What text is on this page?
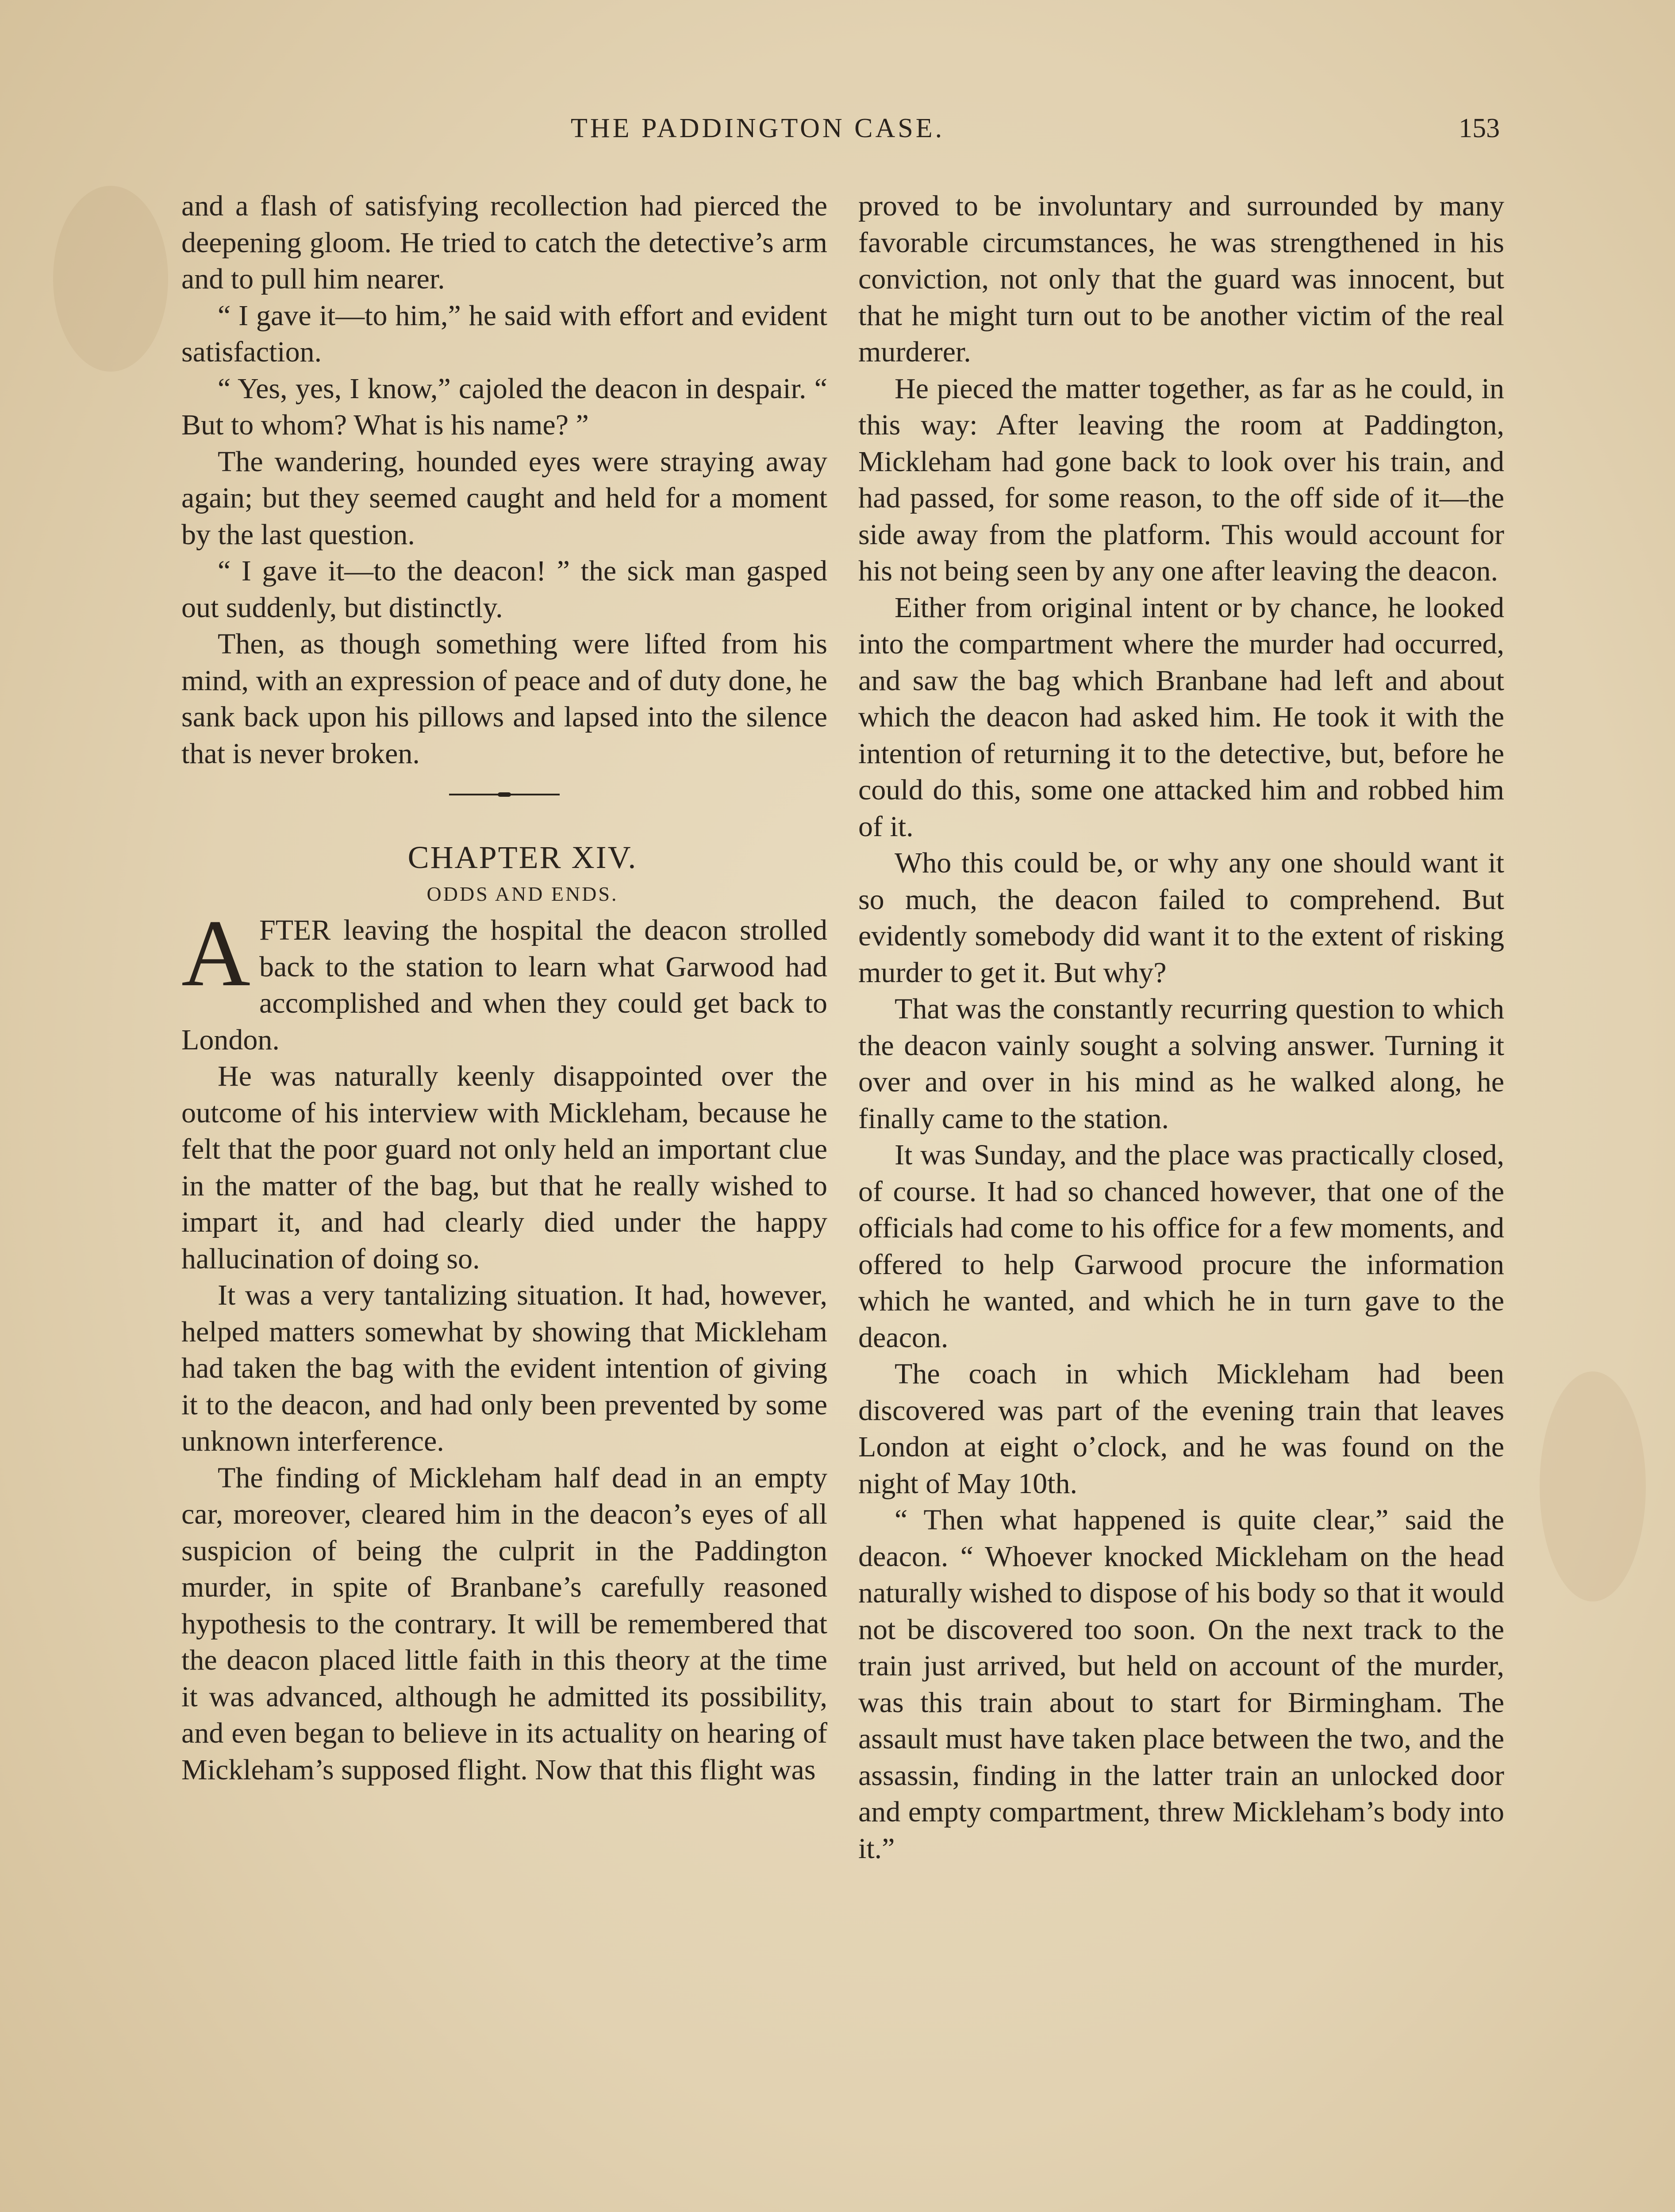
THE PADDINGTON CASE.	153

and a flash of satisfying recollection had pierced the deepening gloom. He tried to catch the detective’s arm and to pull him nearer.

“ I gave it—to him,” he said with effort and evident satisfaction.

“ Yes, yes, I know,” cajoled the deacon in despair. “ But to whom? What is his name? ”

The wandering, hounded eyes were straying away again; but they seemed caught and held for a moment by the last question.

“ I gave it—to the deacon! ” the sick man gasped out suddenly, but distinctly.

Then, as though something were lifted from his mind, with an expression of peace and of duty done, he sank back upon his pillows and lapsed into the silence that is never broken.

CHAPTER XIV.

ODDS AND ENDS.

AFTER leaving the hospital the deacon strolled back to the station to learn what Garwood had accomplished and when they could get back to London.

He was naturally keenly disappointed over the outcome of his interview with Mickleham, because he felt that the poor guard not only held an important clue in the matter of the bag, but that he really wished to impart it, and had clearly died under the happy hallucination of doing so.

It was a very tantalizing situation. It had, however, helped matters somewhat by showing that Mickleham had taken the bag with the evident intention of giving it to the deacon, and had only been prevented by some unknown interference.

The finding of Mickleham half dead in an empty car, moreover, cleared him in the deacon’s eyes of all suspicion of being the culprit in the Paddington murder, in spite of Branbane’s carefully reasoned hypothesis to the contrary. It will be remembered that the deacon placed little faith in this theory at the time it was advanced, although he admitted its possibility, and even began to believe in its actuality on hearing of Mickleham’s supposed flight. Now that this flight was

proved to be involuntary and surrounded by many favorable circumstances, he was strengthened in his conviction, not only that the guard was innocent, but that he might turn out to be another victim of the real murderer.

He pieced the matter together, as far as he could, in this way: After leaving the room at Paddington, Mickleham had gone back to look over his train, and had passed, for some reason, to the off side of it—the side away from the platform. This would account for his not being seen by any one after leaving the deacon.

Either from original intent or by chance, he looked into the compartment where the murder had occurred, and saw the bag which Branbane had left and about which the deacon had asked him. He took it with the intention of returning it to the detective, but, before he could do this, some one attacked him and robbed him of it.

Who this could be, or why any one should want it so much, the deacon failed to comprehend. But evidently somebody did want it to the extent of risking murder to get it. But why?

That was the constantly recurring question to which the deacon vainly sought a solving answer. Turning it over and over in his mind as he walked along, he finally came to the station.

It was Sunday, and the place was practically closed, of course. It had so chanced however, that one of the officials had come to his office for a few moments, and offered to help Garwood procure the information which he wanted, and which he in turn gave to the deacon.

The coach in which Mickleham had been discovered was part of the evening train that leaves London at eight o’clock, and he was found on the night of May 10th.

“ Then what happened is quite clear,” said the deacon. “ Whoever knocked Mickleham on the head naturally wished to dispose of his body so that it would not be discovered too soon. On the next track to the train just arrived, but held on account of the murder, was this train about to start for Birmingham. The assault must have taken place between the two, and the assassin, finding in the latter train an unlocked door and empty compartment, threw Mickleham’s body into it.”
